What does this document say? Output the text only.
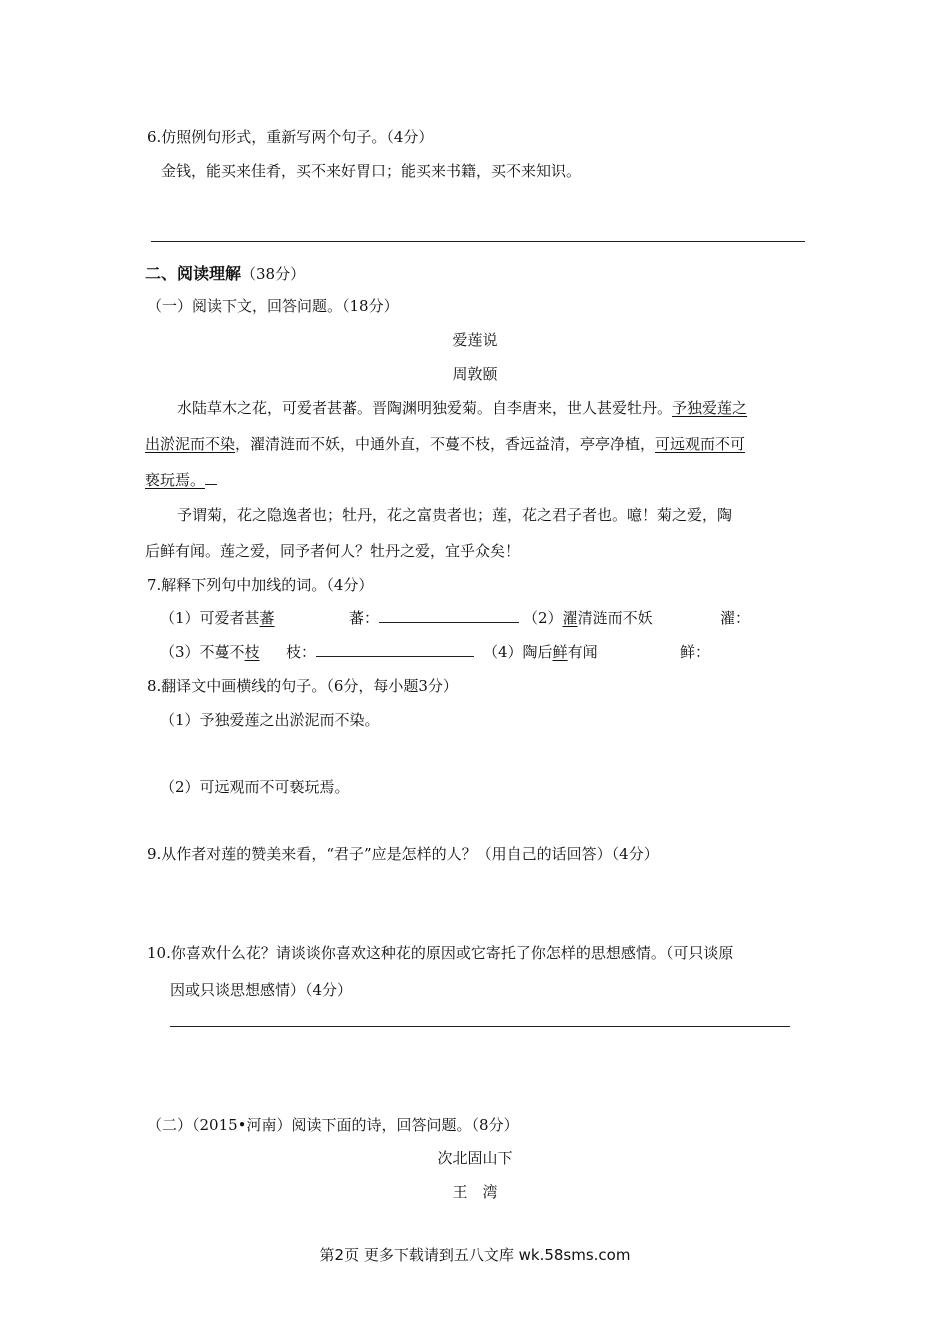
6.仿照例句形式，重新写两个句子。（4分）
金钱，能买来佳肴，买不来好胃口；能买来书籍，买不来知识。
二、阅读理解（38分）
（一）阅读下文，回答问题。（18分）
爱莲说
周敦颐
水陆草木之花，可爱者甚蕃。晋陶渊明独爱菊。自李唐来，世人甚爱牡丹。予独爱莲之
出淤泥而不染，濯清涟而不妖，中通外直，不蔓不枝，香远益清，亭亭净植，可远观而不可
亵玩焉。
予谓菊，花之隐逸者也；牡丹，花之富贵者也；莲，花之君子者也。噫！菊之爱，陶
后鲜有闻。莲之爱，同予者何人？牡丹之爱，宜乎众矣！
7.解释下列句中加线的词。（4分）
（1）可爱者甚蕃	蕃：	（2）濯清涟而不妖	濯：
（3）不蔓不枝 枝：	（4）陶后鲜有闻	鲜：
8.翻译文中画横线的句子。（6分，每小题3分）
（1）予独爱莲之出淤泥而不染。
（2）可远观而不可亵玩焉。
9.从作者对莲的赞美来看，“君子”应是怎样的人？（用自己的话回答）（4分）
10.你喜欢什么花？请谈谈你喜欢这种花的原因或它寄托了你怎样的思想感情。（可只谈原
因或只谈思想感情）（4分）
（二）（2015•河南）阅读下面的诗，回答问题。（8分）
次北固山下
王　湾
第2页 更多下载请到五八文库 wk.58sms.com
